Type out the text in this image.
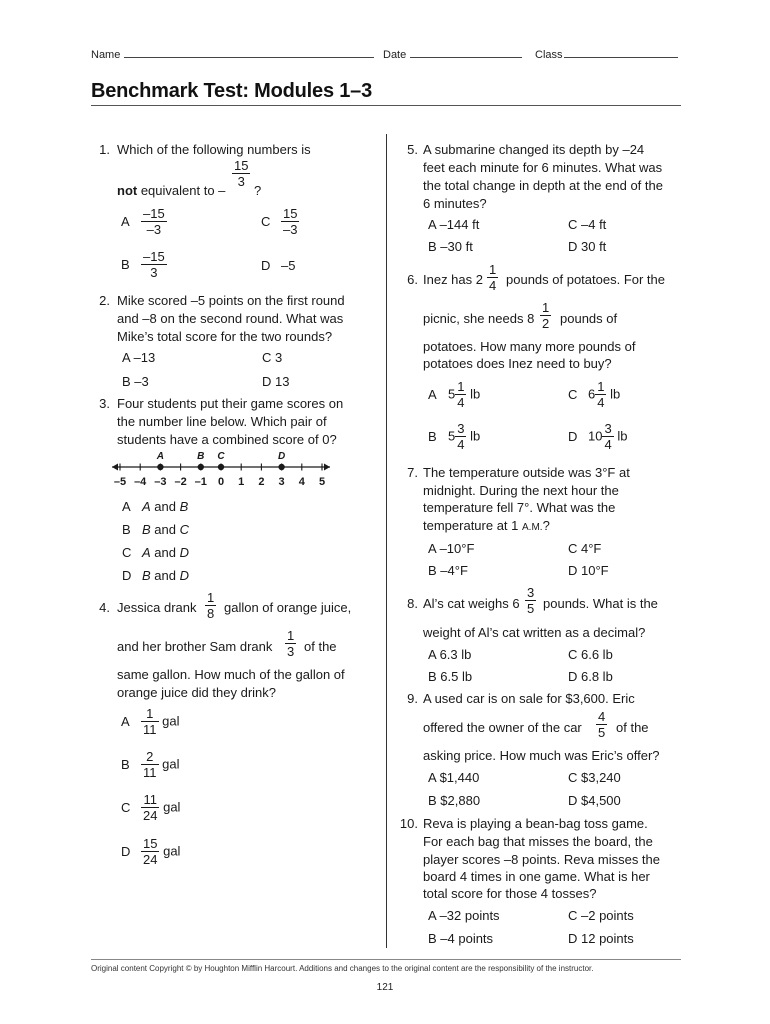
Name	Date	Class
Benchmark Test: Modules 1–3
1. Which of the following numbers is
not equivalent to –
$\frac{15}{3}$
?
A $\frac{-15}{-3}$	C $\frac{15}{-3}$
B $\frac{-15}{3}$	D –5
2. Mike scored –5 points on the first round
and –8 on the second round. What was
Mike’s total score for the two rounds?
A –13	C 3
B –3	D 13
3. Four students put their game scores on
the number line below. Which pair of
students have a combined score of 0?
–5 –4 –3 –2 –1 0 1 2 3 4 5
A	B C	D
A A and B
B B and C
C A and D
D B and D
4. Jessica drank $\frac{1}{8}$ gallon of orange juice,
and her brother Sam drank $\frac{1}{3}$ of the
same gallon. How much of the gallon of
orange juice did they drink?
A $\frac{1}{11}$ gal
B $\frac{2}{11}$ gal
C $\frac{11}{24}$ gal
D $\frac{15}{24}$ gal
5. A submarine changed its depth by –24
feet each minute for 6 minutes. What was
the total change in depth at the end of the
6 minutes?
A –144 ft	C –4 ft
B –30 ft	D 30 ft
6. Inez has $2 \frac{1}{4}$ pounds of potatoes. For the
picnic, she needs $8 \frac{1}{2}$ pounds of
potatoes. How many more pounds of
potatoes does Inez need to buy?
A $5 \frac{1}{4}$ lb	C $6 \frac{1}{4}$ lb
B $5 \frac{3}{4}$ lb	D $10 \frac{3}{4}$ lb
7. The temperature outside was 3°F at
midnight. During the next hour the
temperature fell 7°. What was the
temperature at 1 A.M.?
A –10°F	C 4°F
B –4°F	D 10°F
8. Al’s cat weighs $6 \frac{3}{5}$ pounds. What is the
weight of Al’s cat written as a decimal?
A 6.3 lb	C 6.6 lb
B 6.5 lb	D 6.8 lb
9. A used car is on sale for $3,600. Eric
offered the owner of the car $\frac{4}{5}$ of the
asking price. How much was Eric’s offer?
A $1,440	C $3,240
B $2,880	D $4,500
10. Reva is playing a bean-bag toss game.
For each bag that misses the board, the
player scores –8 points. Reva misses the
board 4 times in one game. What is her
total score for those 4 tosses?
A –32 points	C –2 points
B –4 points	D 12 points
Original content Copyright © by Houghton Mifflin Harcourt. Additions and changes to the original content are the responsibility of the instructor.
121
